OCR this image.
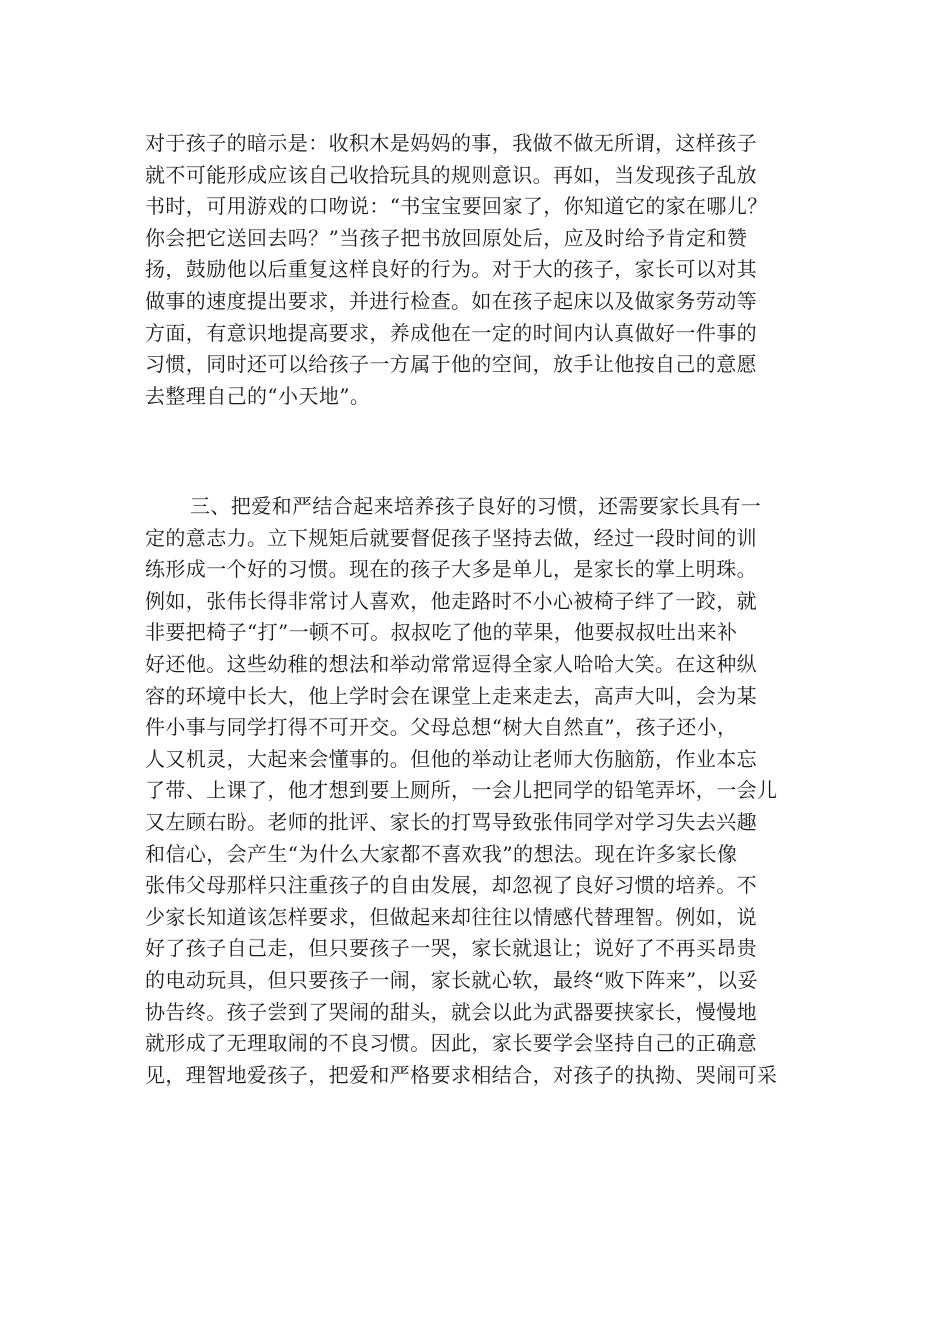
对于孩子的暗示是：收积木是妈妈的事，我做不做无所谓，这样孩子
就不可能形成应该自己收拾玩具的规则意识。再如，当发现孩子乱放
书时，可用游戏的口吻说：“书宝宝要回家了，你知道它的家在哪儿？
你会把它送回去吗？”当孩子把书放回原处后，应及时给予肯定和赞
扬，鼓励他以后重复这样良好的行为。对于大的孩子，家长可以对其
做事的速度提出要求，并进行检查。如在孩子起床以及做家务劳动等
方面，有意识地提高要求，养成他在一定的时间内认真做好一件事的
习惯，同时还可以给孩子一方属于他的空间，放手让他按自己的意愿
去整理自己的“小天地”。
三、把爱和严结合起来培养孩子良好的习惯，还需要家长具有一
定的意志力。立下规矩后就要督促孩子坚持去做，经过一段时间的训
练形成一个好的习惯。现在的孩子大多是单儿，是家长的掌上明珠。
例如，张伟长得非常讨人喜欢，他走路时不小心被椅子绊了一跤，就
非要把椅子“打”一顿不可。叔叔吃了他的苹果，他要叔叔吐出来补
好还他。这些幼稚的想法和举动常常逗得全家人哈哈大笑。在这种纵
容的环境中长大，他上学时会在课堂上走来走去，高声大叫，会为某
件小事与同学打得不可开交。父母总想“树大自然直”，孩子还小，
人又机灵，大起来会懂事的。但他的举动让老师大伤脑筋，作业本忘
了带、上课了，他才想到要上厕所，一会儿把同学的铅笔弄坏，一会儿
又左顾右盼。老师的批评、家长的打骂导致张伟同学对学习失去兴趣
和信心，会产生“为什么大家都不喜欢我”的想法。现在许多家长像
张伟父母那样只注重孩子的自由发展，却忽视了良好习惯的培养。不
少家长知道该怎样要求，但做起来却往往以情感代替理智。例如，说
好了孩子自己走，但只要孩子一哭，家长就退让；说好了不再买昂贵
的电动玩具，但只要孩子一闹，家长就心软，最终“败下阵来”，以妥
协告终。孩子尝到了哭闹的甜头，就会以此为武器要挟家长，慢慢地
就形成了无理取闹的不良习惯。因此，家长要学会坚持自己的正确意
见，理智地爱孩子，把爱和严格要求相结合，对孩子的执拗、哭闹可采
